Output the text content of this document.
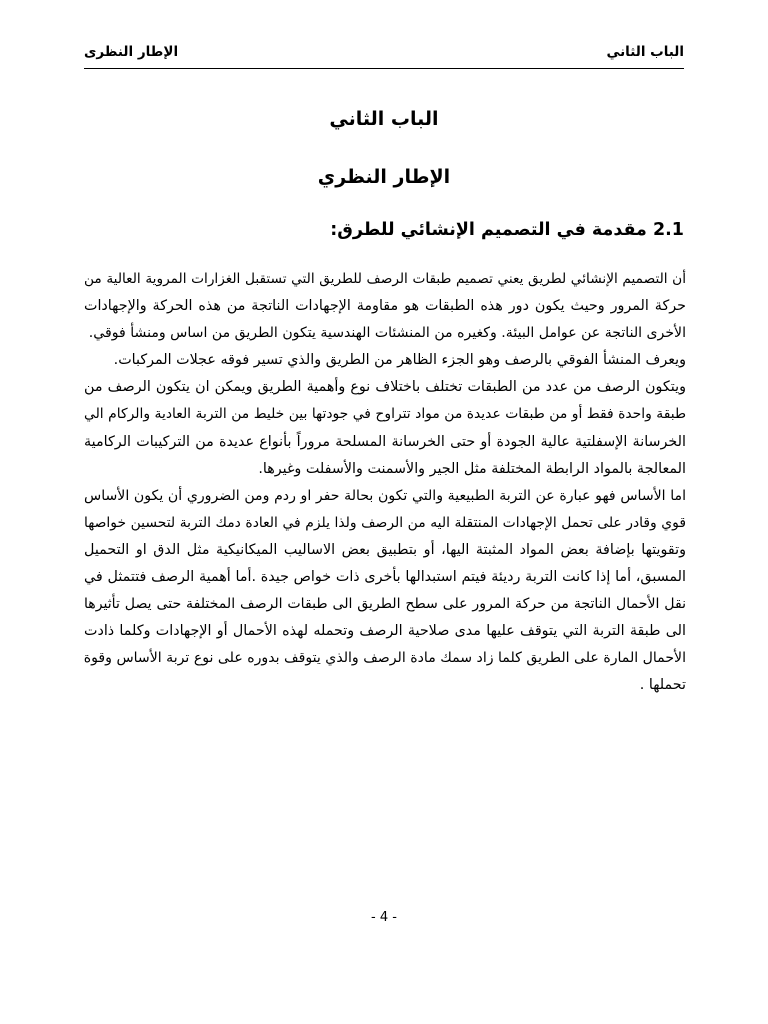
الباب الثاني
الإطار النظرى
الباب الثاني
الإطار النظري
2.1 مقدمة في التصميم الإنشائي للطرق:
أن التصميم الإنشائي لطريق يعني تصميم طبقات الرصف للطريق التي تستقبل الغزارات المروية العالية من
حركة المرور وحيث يكون دور هذه الطبقات هو مقاومة الإجهادات الناتجة من هذه الحركة والإجهادات
الأخرى الناتجة عن عوامل البيئة. وكغيره من المنشئات الهندسية يتكون الطريق من اساس ومنشأ فوقي.
ويعرف المنشأ الفوقي بالرصف وهو الجزء الظاهر من الطريق والذي تسير فوقه عجلات المركبات.
ويتكون الرصف من عدد من الطبقات تختلف باختلاف نوع وأهمية الطريق ويمكن ان يتكون الرصف من
طبقة واحدة فقط أو من طبقات عديدة من مواد تتراوح في جودتها بين خليط من التربة العادية والركام الي
الخرسانة الإسفلتية عالية الجودة أو حتى الخرسانة المسلحة مروراً بأنواع عديدة من التركيبات الركامية
المعالجة بالمواد الرابطة المختلفة مثل الجير والأسمنت والأسفلت وغيرها.
اما الأساس فهو عبارة عن التربة الطبيعية والتي تكون بحالة حفر او ردم ومن الضروري أن يكون الأساس
قوي وقادر على تحمل الإجهادات المنتقلة اليه من الرصف ولذا يلزم في العادة دمك التربة لتحسين خواصها
وتقويتها بإضافة بعض المواد المثبتة اليها، أو بتطبيق بعض الاساليب الميكانيكية مثل الدق او التحميل
المسبق، أما إذا كانت التربة رديئة فيتم استبدالها بأخرى ذات خواص جيدة .أما أهمية الرصف فتتمثل في
نقل الأحمال الناتجة من حركة المرور على سطح الطريق الى طبقات الرصف المختلفة حتى يصل تأثيرها
الى طبقة التربة التي يتوقف عليها مدى صلاحية الرصف وتحمله لهذه الأحمال أو الإجهادات وكلما ذادت
الأحمال المارة على الطريق كلما زاد سمك مادة الرصف والذي يتوقف بدوره على نوع تربة الأساس وقوة
تحملها .
- 4 -
